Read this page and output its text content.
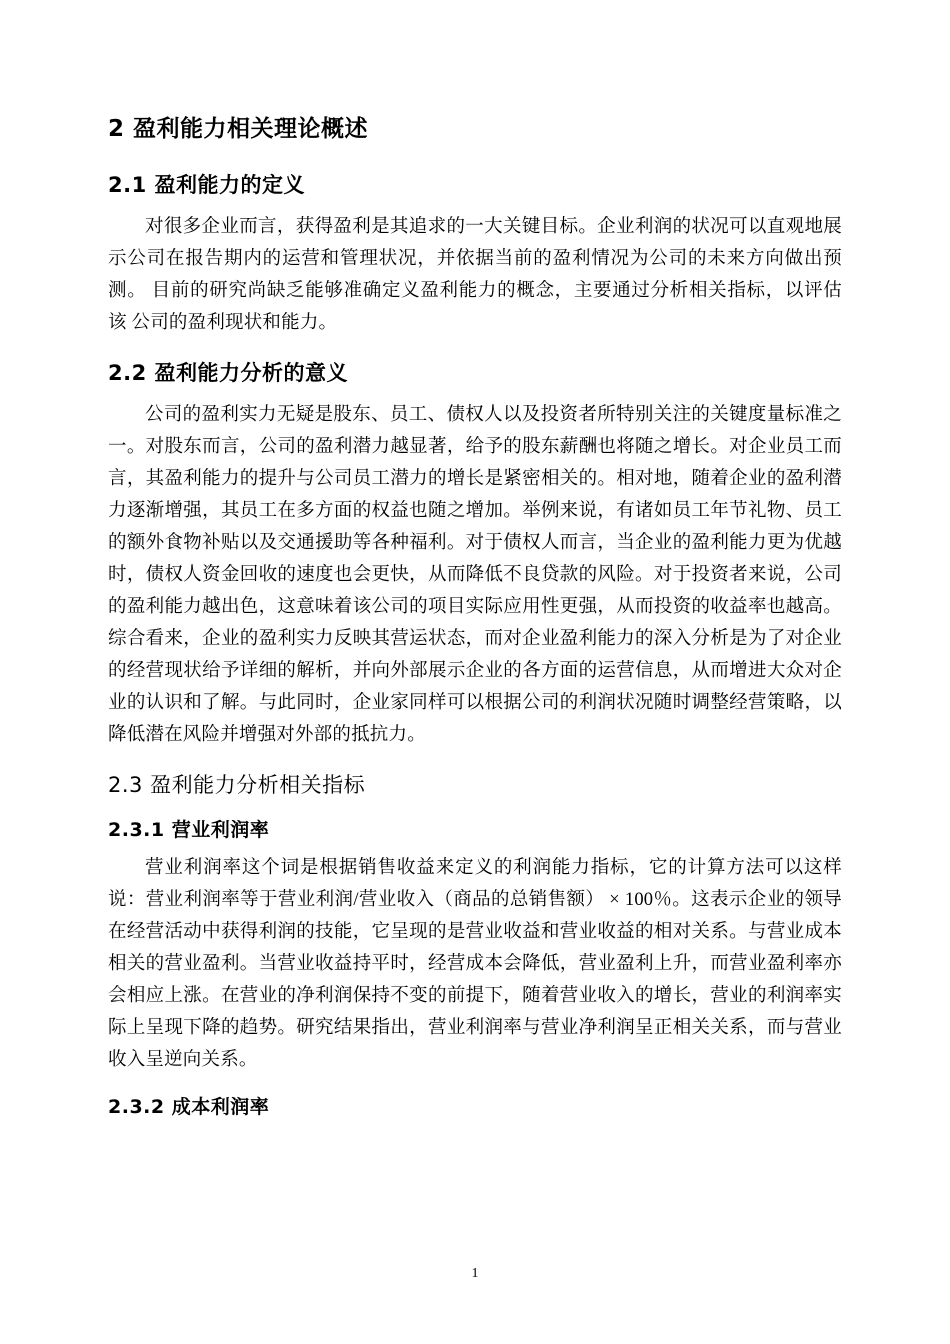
2 盈利能力相关理论概述
2.1 盈利能力的定义

对很多企业而言，获得盈利是其追求的一大关键目标。企业利润的状况可以直观地展示公司在报告期内的运营和管理状况，并依据当前的盈利情况为公司的未来方向做出预测。 目前的研究尚缺乏能够准确定义盈利能力的概念，主要通过分析相关指标，以评估该 公司的盈利现状和能力。

2.2 盈利能力分析的意义

公司的盈利实力无疑是股东、员工、债权人以及投资者所特别关注的关键度量标准之一。对股东而言，公司的盈利潜力越显著，给予的股东薪酬也将随之增长。对企业员工而言，其盈利能力的提升与公司员工潜力的增长是紧密相关的。相对地，随着企业的盈利潜力逐渐增强，其员工在多方面的权益也随之增加。举例来说，有诸如员工年节礼物、员工的额外食物补贴以及交通援助等各种福利。对于债权人而言，当企业的盈利能力更为优越时，债权人资金回收的速度也会更快，从而降低不良贷款的风险。对于投资者来说，公司的盈利能力越出色，这意味着该公司的项目实际应用性更强，从而投资的收益率也越高。综合看来，企业的盈利实力反映其营运状态，而对企业盈利能力的深入分析是为了对企业的经营现状给予详细的解析，并向外部展示企业的各方面的运营信息，从而增进大众对企业的认识和了解。与此同时，企业家同样可以根据公司的利润状况随时调整经营策略，以降低潜在风险并增强对外部的抵抗力。

2.3 盈利能力分析相关指标
2.3.1 营业利润率

营业利润率这个词是根据销售收益来定义的利润能力指标，它的计算方法可以这样说：营业利润率等于营业利润/营业收入（商品的总销售额） × 100％。这表示企业的领导 在经营活动中获得利润的技能，它呈现的是营业收益和营业收益的相对关系。与营业成本 相关的营业盈利。当营业收益持平时，经营成本会降低，营业盈利上升，而营业盈利率亦 会相应上涨。在营业的净利润保持不变的前提下，随着营业收入的增长，营业的利润率实 际上呈现下降的趋势。研究结果指出，营业利润率与营业净利润呈正相关关系，而与营业 收入呈逆向关系。

2.3.2 成本利润率
1
